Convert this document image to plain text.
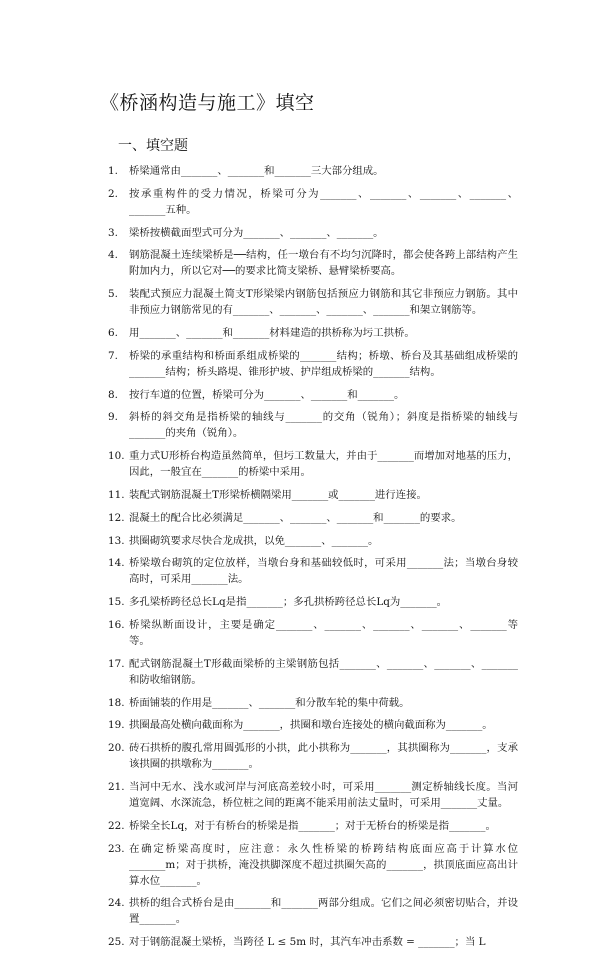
《桥涵构造与施工》填空
一、填空题
1. 桥梁通常由_______、_______和_______三大部分组成。
2. 按承重构件的受力情况，桥梁可分为_______、_______、_______、_______、_______五种。
3. 梁桥按横截面型式可分为_______、_______、_______。
4. 钢筋混凝土连续梁桥是──结构，任一墩台有不均匀沉降时，都会使各跨上部结构产生附加内力，所以它对──的要求比简支梁桥、悬臂梁桥要高。
5. 装配式预应力混凝土简支T形梁梁内钢筋包括预应力钢筋和其它非预应力钢筋。其中非预应力钢筋常见的有_______、_______、_______、_______和架立钢筋等。
6. 用_______、_______和_______材料建造的拱桥称为圬工拱桥。
7. 桥梁的承重结构和桥面系组成桥梁的_______结构；桥墩、桥台及其基础组成桥梁的_______结构；桥头路堤、锥形护坡、护岸组成桥梁的_______结构。
8. 按行车道的位置，桥梁可分为_______、_______和_______。
9. 斜桥的斜交角是指桥梁的轴线与_______的交角（锐角）；斜度是指桥梁的轴线与_______的夹角（锐角）。
10. 重力式U形桥台构造虽然简单，但圬工数量大，并由于_______而增加对地基的压力，因此，一般宜在_______的桥梁中采用。
11. 装配式钢筋混凝土T形梁桥横隔梁用_______或_______进行连接。
12. 混凝土的配合比必须满足_______、_______、_______和_______的要求。
13. 拱圈砌筑要求尽快合龙成拱，以免_______、_______。
14. 桥梁墩台砌筑的定位放样，当墩台身和基础较低时，可采用_______法；当墩台身较高时，可采用_______法。
15. 多孔梁桥跨径总长Lq是指_______；多孔拱桥跨径总长Lq为_______。
16. 桥梁纵断面设计，主要是确定_______、_______、_______、_______、_______等等。
17. 配式钢筋混凝土T形截面梁桥的主梁钢筋包括_______、_______、_______、_______和防收缩钢筋。
18. 桥面铺装的作用是_______、_______和分散车轮的集中荷载。
19. 拱圈最高处横向截面称为_______，拱圈和墩台连接处的横向截面称为_______。
20. 砖石拱桥的腹孔常用圆弧形的小拱，此小拱称为_______，其拱圈称为_______，支承该拱圈的拱墩称为_______。
21. 当河中无水、浅水或河岸与河底高差较小时，可采用_______测定桥轴线长度。当河道宽阔、水深流急，桥位桩之间的距离不能采用前法丈量时，可采用_______丈量。
22. 桥梁全长Lq，对于有桥台的桥梁是指_______；对于无桥台的桥梁是指_______。
23. 在确定桥梁高度时，应注意：永久性桥梁的桥跨结构底面应高于计算水位_______m；对于拱桥，淹没拱脚深度不超过拱圈矢高的_______，拱顶底面应高出计算水位_______。
24. 拱桥的组合式桥台是由_______和_______两部分组成。它们之间必须密切贴合，并设置_______。
25. 对于钢筋混凝土梁桥，当跨径 L ≤ 5m 时，其汽车冲击系数 = _______；当 L
